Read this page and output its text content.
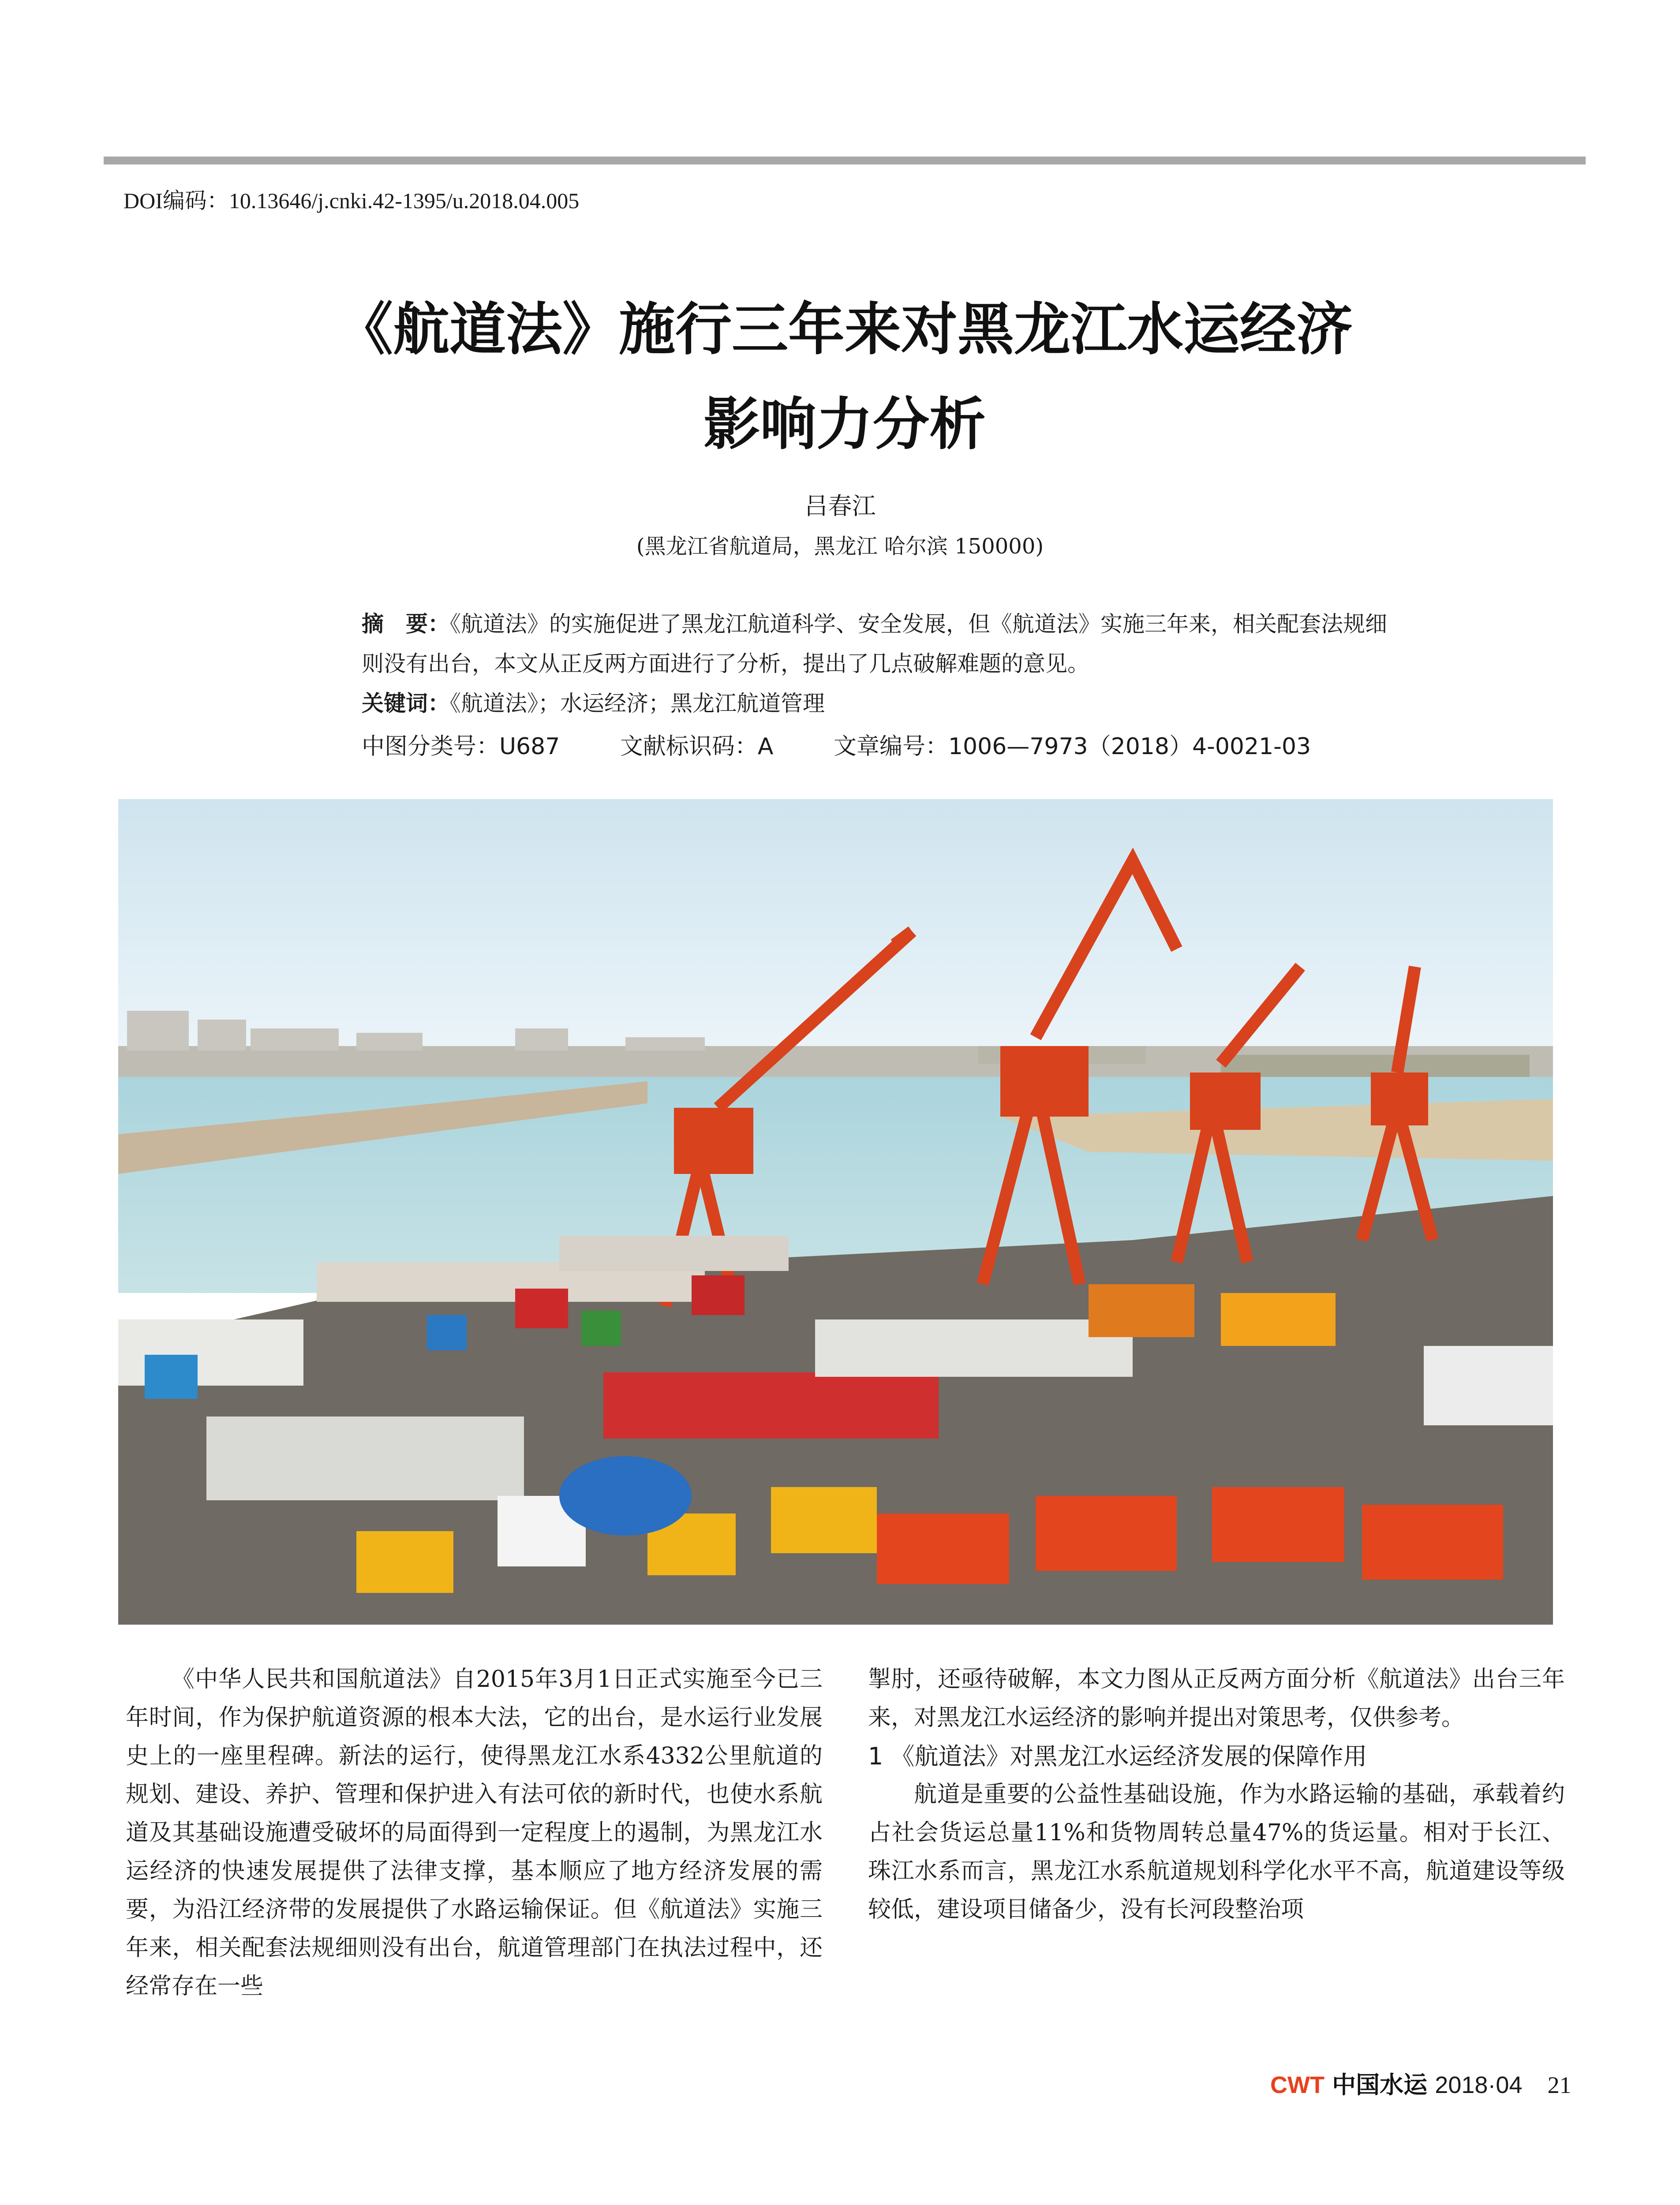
DOI编码：10.13646/j.cnki.42-1395/u.2018.04.005
《航道法》施行三年来对黑龙江水运经济
影响力分析
吕春江
(黑龙江省航道局，黑龙江 哈尔滨 150000)
摘　要：《航道法》的实施促进了黑龙江航道科学、安全发展，但《航道法》实施三年来，相关配套法规细则没有出台，本文从正反两方面进行了分析，提出了几点破解难题的意见。
关键词：《航道法》；水运经济；黑龙江航道管理
中图分类号：U687	文献标识码：A	文章编号：1006—7973（2018）4-0021-03

《中华人民共和国航道法》自2015年3月1日正式实施至今已三年时间，作为保护航道资源的根本大法，它的出台，是水运行业发展史上的一座里程碑。新法的运行，使得黑龙江水系4332公里航道的规划、建设、养护、管理和保护进入有法可依的新时代，也使水系航道及其基础设施遭受破坏的局面得到一定程度上的遏制，为黑龙江水运经济的快速发展提供了法律支撑，基本顺应了地方经济发展的需要，为沿江经济带的发展提供了水路运输保证。但《航道法》实施三年来，相关配套法规细则没有出台，航道管理部门在执法过程中，还经常存在一些

掣肘，还亟待破解，本文力图从正反两方面分析《航道法》出台三年来，对黑龙江水运经济的影响并提出对策思考，仅供参考。

1 《航道法》对黑龙江水运经济发展的保障作用

航道是重要的公益性基础设施，作为水路运输的基础，承载着约占社会货运总量11%和货物周转总量47%的货运量。相对于长江、珠江水系而言，黑龙江水系航道规划科学化水平不高，航道建设等级较低，建设项目储备少，没有长河段整治项

CWT 中国水运 2018·04 21
